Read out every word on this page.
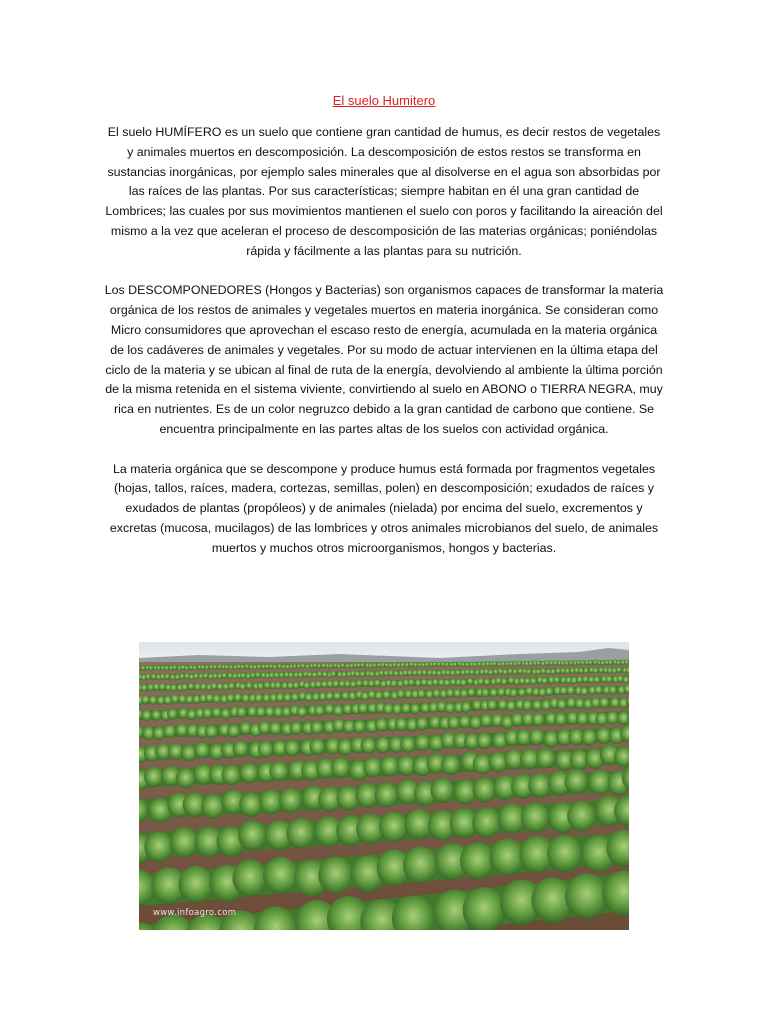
El suelo Humitero

El suelo HUMÍFERO es un suelo que contiene gran cantidad de humus, es decir restos de vegetales y animales muertos en descomposición. La descomposición de estos restos se transforma en sustancias inorgánicas, por ejemplo sales minerales que al disolverse en el agua son absorbidas por las raíces de las plantas. Por sus características; siempre habitan en él una gran cantidad de Lombrices; las cuales por sus movimientos mantienen el suelo con poros y facilitando la aireación del mismo a la vez que aceleran el proceso de descomposición de las materias orgánicas; poniéndolas rápida y fácilmente a las plantas para su nutrición.

Los DESCOMPONEDORES (Hongos y Bacterias) son organismos capaces de transformar la materia orgánica de los restos de animales y vegetales muertos en materia inorgánica. Se consideran como Micro consumidores que aprovechan el escaso resto de energía, acumulada en la materia orgánica de los cadáveres de animales y vegetales. Por su modo de actuar intervienen en la última etapa del ciclo de la materia y se ubican al final de ruta de la energía, devolviendo al ambiente la última porción de la misma retenida en el sistema viviente, convirtiendo al suelo en ABONO o TIERRA NEGRA, muy rica en nutrientes. Es de un color negruzco debido a la gran cantidad de carbono que contiene. Se encuentra principalmente en las partes altas de los suelos con actividad orgánica.

La materia orgánica que se descompone y produce humus está formada por fragmentos vegetales (hojas, tallos, raíces, madera, cortezas, semillas, polen) en descomposición; exudados de raíces y exudados de plantas (propóleos) y de animales (nielada) por encima del suelo, excrementos y excretas (mucosa, mucilagos) de las lombrices y otros animales microbianos del suelo, de animales muertos y muchos otros microorganismos, hongos y bacterias.

www.infoagro.com
